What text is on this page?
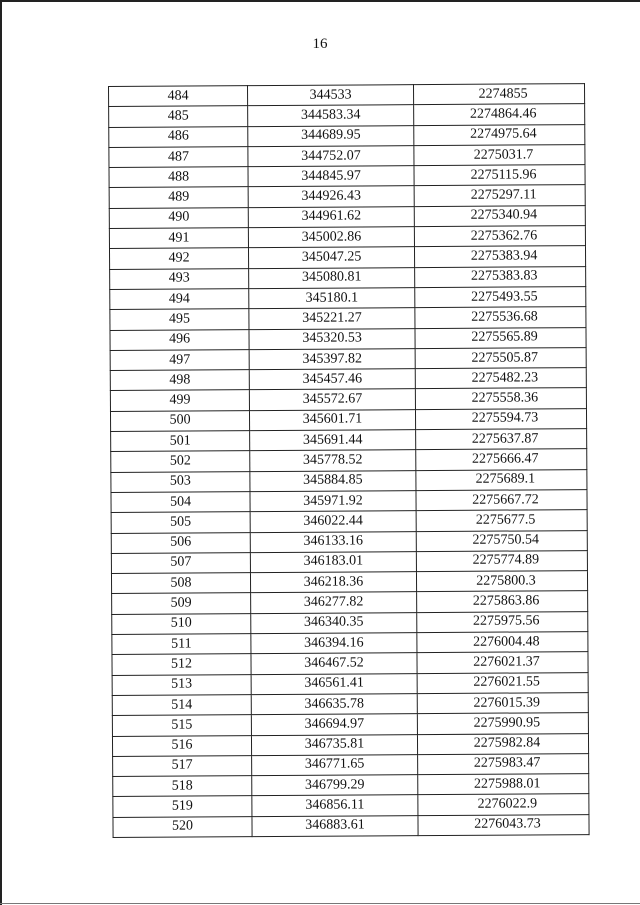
16
484	344533	2274855
485	344583.34	2274864.46
486	344689.95	2274975.64
487	344752.07	2275031.7
488	344845.97	2275115.96
489	344926.43	2275297.11
490	344961.62	2275340.94
491	345002.86	2275362.76
492	345047.25	2275383.94
493	345080.81	2275383.83
494	345180.1	2275493.55
495	345221.27	2275536.68
496	345320.53	2275565.89
497	345397.82	2275505.87
498	345457.46	2275482.23
499	345572.67	2275558.36
500	345601.71	2275594.73
501	345691.44	2275637.87
502	345778.52	2275666.47
503	345884.85	2275689.1
504	345971.92	2275667.72
505	346022.44	2275677.5
506	346133.16	2275750.54
507	346183.01	2275774.89
508	346218.36	2275800.3
509	346277.82	2275863.86
510	346340.35	2275975.56
511	346394.16	2276004.48
512	346467.52	2276021.37
513	346561.41	2276021.55
514	346635.78	2276015.39
515	346694.97	2275990.95
516	346735.81	2275982.84
517	346771.65	2275983.47
518	346799.29	2275988.01
519	346856.11	2276022.9
520	346883.61	2276043.73
